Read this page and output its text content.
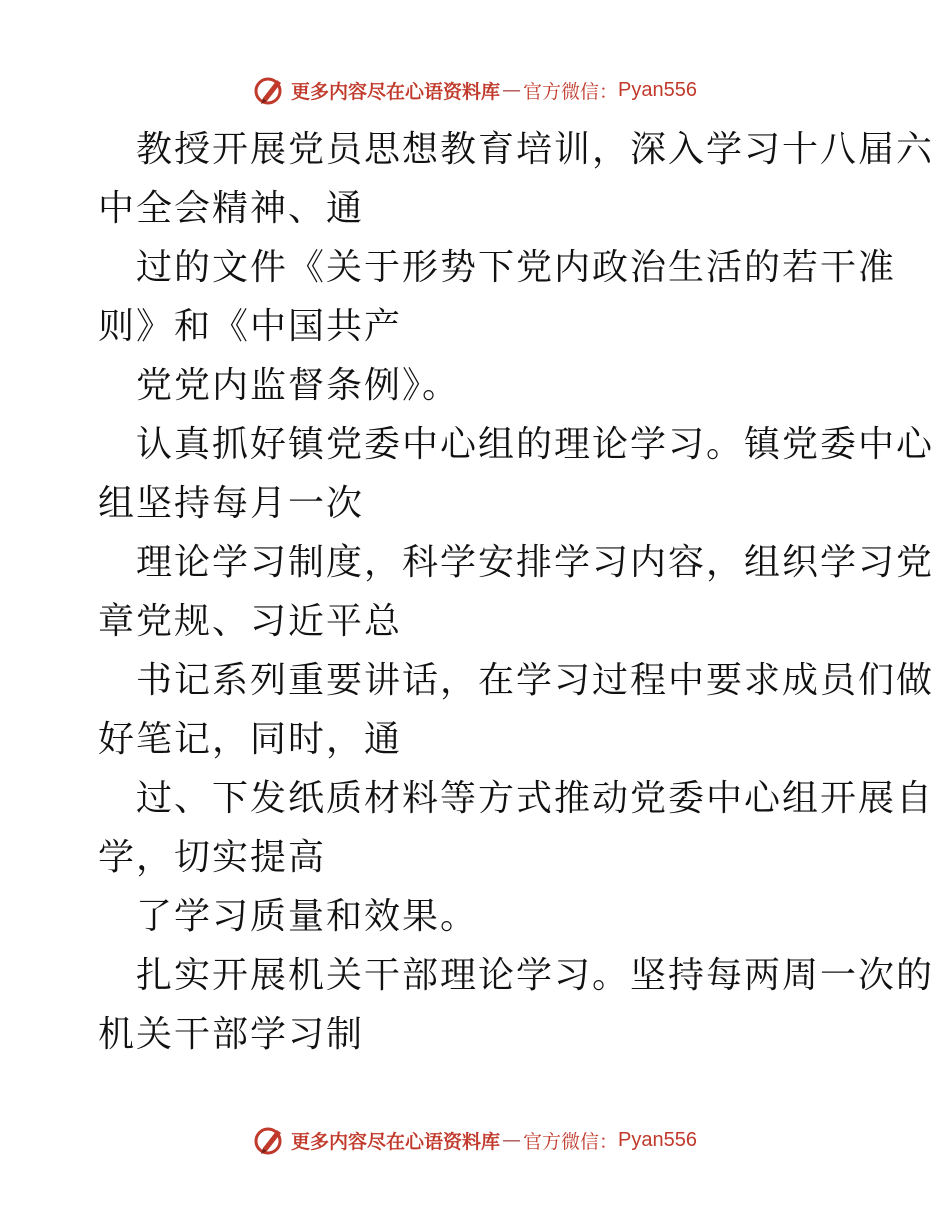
更多内容尽在心语资料库 — 官方微信： Pyan556
教授开展党员思想教育培训，深入学习十八届六
中全会精神、通
过的文件《关于形势下党内政治生活的若干准
则》和《中国共产
党党内监督条例》。
认真抓好镇党委中心组的理论学习。镇党委中心
组坚持每月一次
理论学习制度，科学安排学习内容，组织学习党
章党规、习近平总
书记系列重要讲话，在学习过程中要求成员们做
好笔记，同时，通
过、下发纸质材料等方式推动党委中心组开展自
学，切实提高
了学习质量和效果。
扎实开展机关干部理论学习。坚持每两周一次的
机关干部学习制
更多内容尽在心语资料库 — 官方微信： Pyan556
